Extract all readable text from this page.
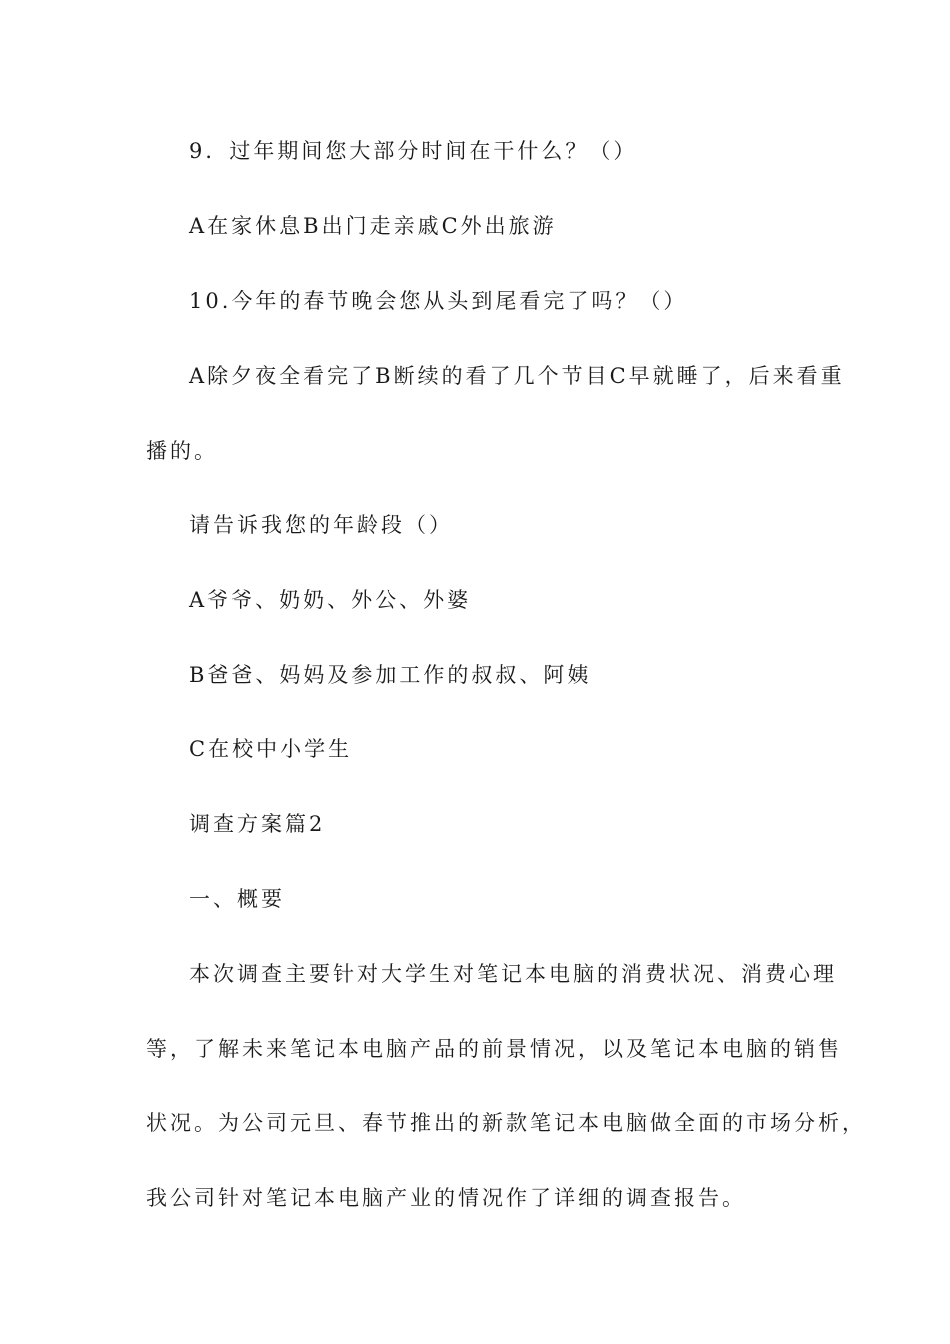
9．过年期间您大部分时间在干什么？（）
A在家休息B出门走亲戚C外出旅游
10.今年的春节晚会您从头到尾看完了吗？（）
A除夕夜全看完了B断续的看了几个节目C早就睡了，后来看重
播的。
请告诉我您的年龄段（）
A爷爷、奶奶、外公、外婆
B爸爸、妈妈及参加工作的叔叔、阿姨
C在校中小学生
调查方案篇2
一、概要
本次调查主要针对大学生对笔记本电脑的消费状况、消费心理
等，了解未来笔记本电脑产品的前景情况，以及笔记本电脑的销售
状况。为公司元旦、春节推出的新款笔记本电脑做全面的市场分析，
我公司针对笔记本电脑产业的情况作了详细的调查报告。
